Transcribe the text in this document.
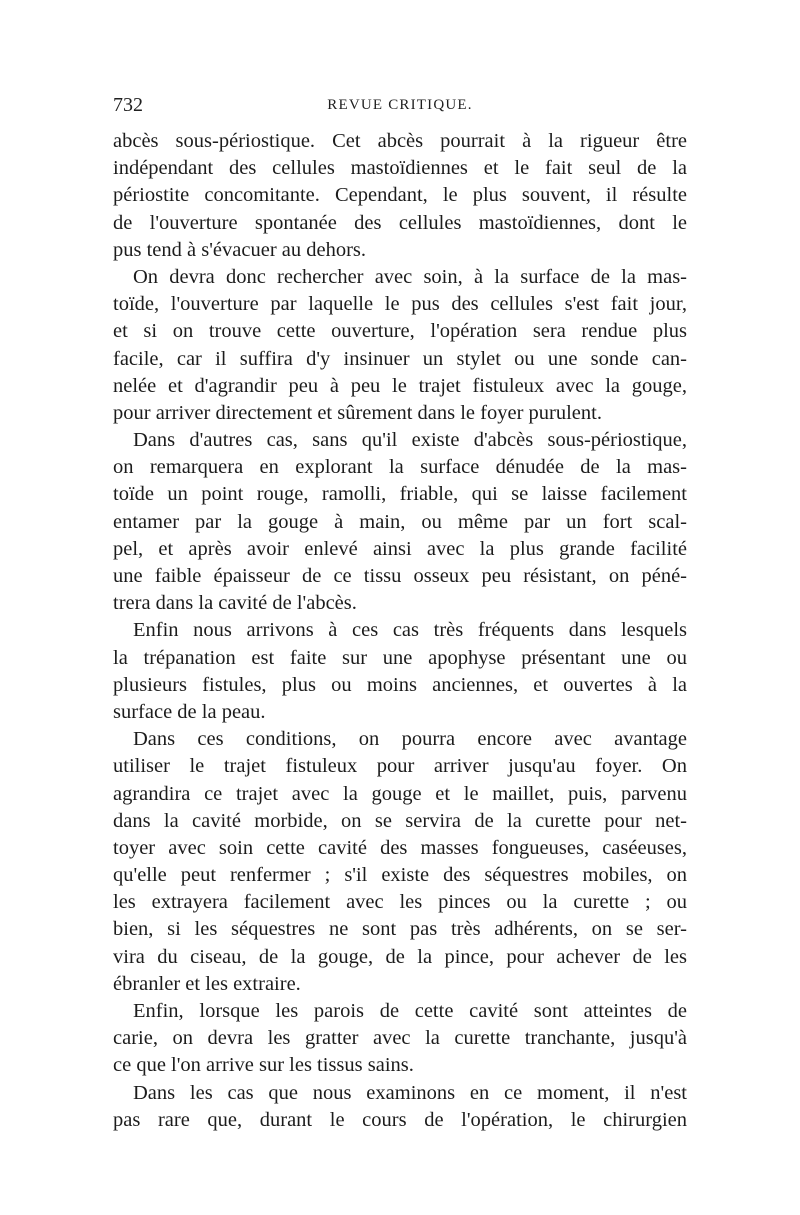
732	REVUE CRITIQUE.
abcès sous-périostique. Cet abcès pourrait à la rigueur être
indépendant des cellules mastoïdiennes et le fait seul de la
périostite concomitante. Cependant, le plus souvent, il résulte
de l'ouverture spontanée des cellules mastoïdiennes, dont le
pus tend à s'évacuer au dehors.
On devra donc rechercher avec soin, à la surface de la mas-
toïde, l'ouverture par laquelle le pus des cellules s'est fait jour,
et si on trouve cette ouverture, l'opération sera rendue plus
facile, car il suffira d'y insinuer un stylet ou une sonde can-
nelée et d'agrandir peu à peu le trajet fistuleux avec la gouge,
pour arriver directement et sûrement dans le foyer purulent.
Dans d'autres cas, sans qu'il existe d'abcès sous-périostique,
on remarquera en explorant la surface dénudée de la mas-
toïde un point rouge, ramolli, friable, qui se laisse facilement
entamer par la gouge à main, ou même par un fort scal-
pel, et après avoir enlevé ainsi avec la plus grande facilité
une faible épaisseur de ce tissu osseux peu résistant, on péné-
trera dans la cavité de l'abcès.
Enfin nous arrivons à ces cas très fréquents dans lesquels
la trépanation est faite sur une apophyse présentant une ou
plusieurs fistules, plus ou moins anciennes, et ouvertes à la
surface de la peau.
Dans ces conditions, on pourra encore avec avantage
utiliser le trajet fistuleux pour arriver jusqu'au foyer. On
agrandira ce trajet avec la gouge et le maillet, puis, parvenu
dans la cavité morbide, on se servira de la curette pour net-
toyer avec soin cette cavité des masses fongueuses, caséeuses,
qu'elle peut renfermer ; s'il existe des séquestres mobiles, on
les extrayera facilement avec les pinces ou la curette ; ou
bien, si les séquestres ne sont pas très adhérents, on se ser-
vira du ciseau, de la gouge, de la pince, pour achever de les
ébranler et les extraire.
Enfin, lorsque les parois de cette cavité sont atteintes de
carie, on devra les gratter avec la curette tranchante, jusqu'à
ce que l'on arrive sur les tissus sains.
Dans les cas que nous examinons en ce moment, il n'est
pas rare que, durant le cours de l'opération, le chirurgien
